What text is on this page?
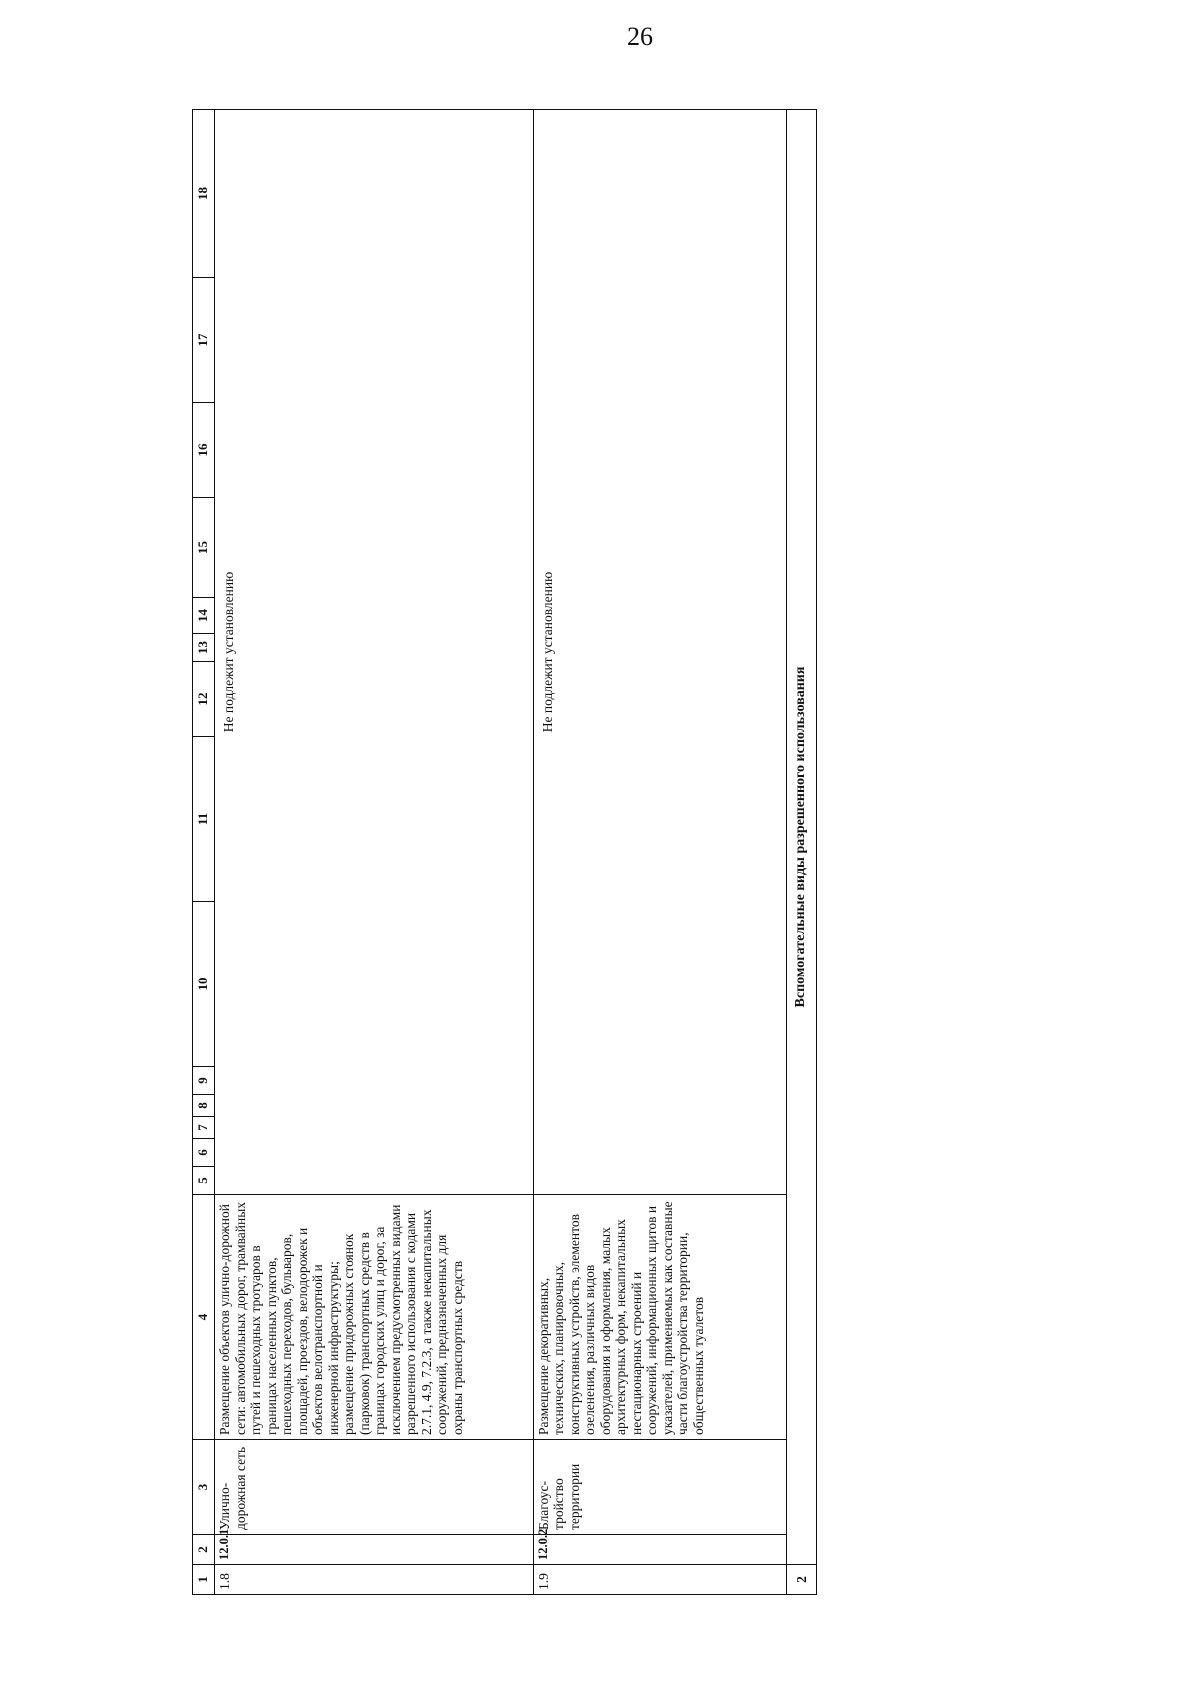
26
1	2	3	4	5	6	7	8	9	10	11	12	13	14	15	16	17	18
1.8	12.0.1	Улично-дорожная сеть	Размещение объектов улично-дорожной сети: автомобильных дорог, трамвайных путей и пешеходных тротуаров в границах населенных пунктов, пешеходных переходов, бульваров, площадей, проездов, велодорожек и объектов велотранспортной и инженерной инфраструктуры; размещение придорожных стоянок (парковок) транспортных средств в границах городских улиц и дорог, за исключением предусмотренных видами разрешенного использования с кодами 2.7.1, 4.9, 7.2.3, а также некапитальных сооружений, предназначенных для охраны транспортных средств	Не подлежит установлению													
1.9	12.0.2	Благоус-тройство территории	Размещение декоративных, технических, планировочных, конструктивных устройств, элементов озеленения, различных видов оборудования и оформления, малых архитектурных форм, некапитальных нестационарных строений и сооружений, информационных щитов и указателей, применяемых как составные части благоустройства территории, общественных туалетов	Не подлежит установлению													
2	Вспомогательные виды разрешенного использования																
